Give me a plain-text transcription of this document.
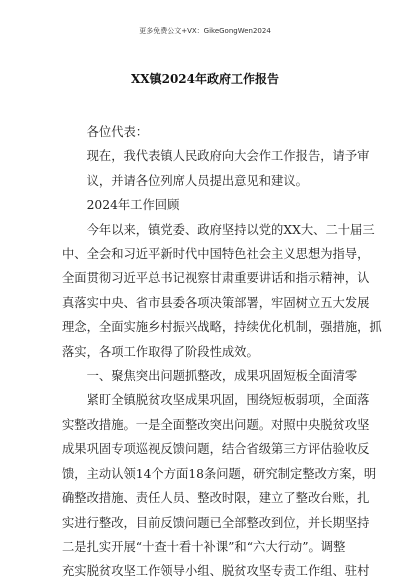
更多免费公文+VX：GikeGongWen2024
XX镇2024年政府工作报告

各位代表：

现在，我代表镇人民政府向大会作工作报告，请予审
议，并请各位列席人员提出意见和建议。

2024年工作回顾

今年以来，镇党委、政府坚持以党的XX大、二十届三
中、全会和习近平新时代中国特色社会主义思想为指导，
全面贯彻习近平总书记视察甘肃重要讲话和指示精神，认
真落实中央、省市县委各项决策部署，牢固树立五大发展
理念，全面实施乡村振兴战略，持续优化机制，强措施，抓
落实，各项工作取得了阶段性成效。

一、聚焦突出问题抓整改，成果巩固短板全面清零

紧盯全镇脱贫攻坚成果巩固，围绕短板弱项，全面落
实整改措施。一是全面整改突出问题。对照中央脱贫攻坚
成果巩固专项巡视反馈问题，结合省级第三方评估验收反
馈，主动认领14个方面18条问题，研究制定整改方案，明
确整改措施、责任人员、整改时限，建立了整改台账，扎
实进行整改，目前反馈问题已全部整改到位，并长期坚持
二是扎实开展“十查十看十补课”和“六大行动”。调整
充实脱贫攻坚工作领导小组、脱贫攻坚专责工作组、驻村
